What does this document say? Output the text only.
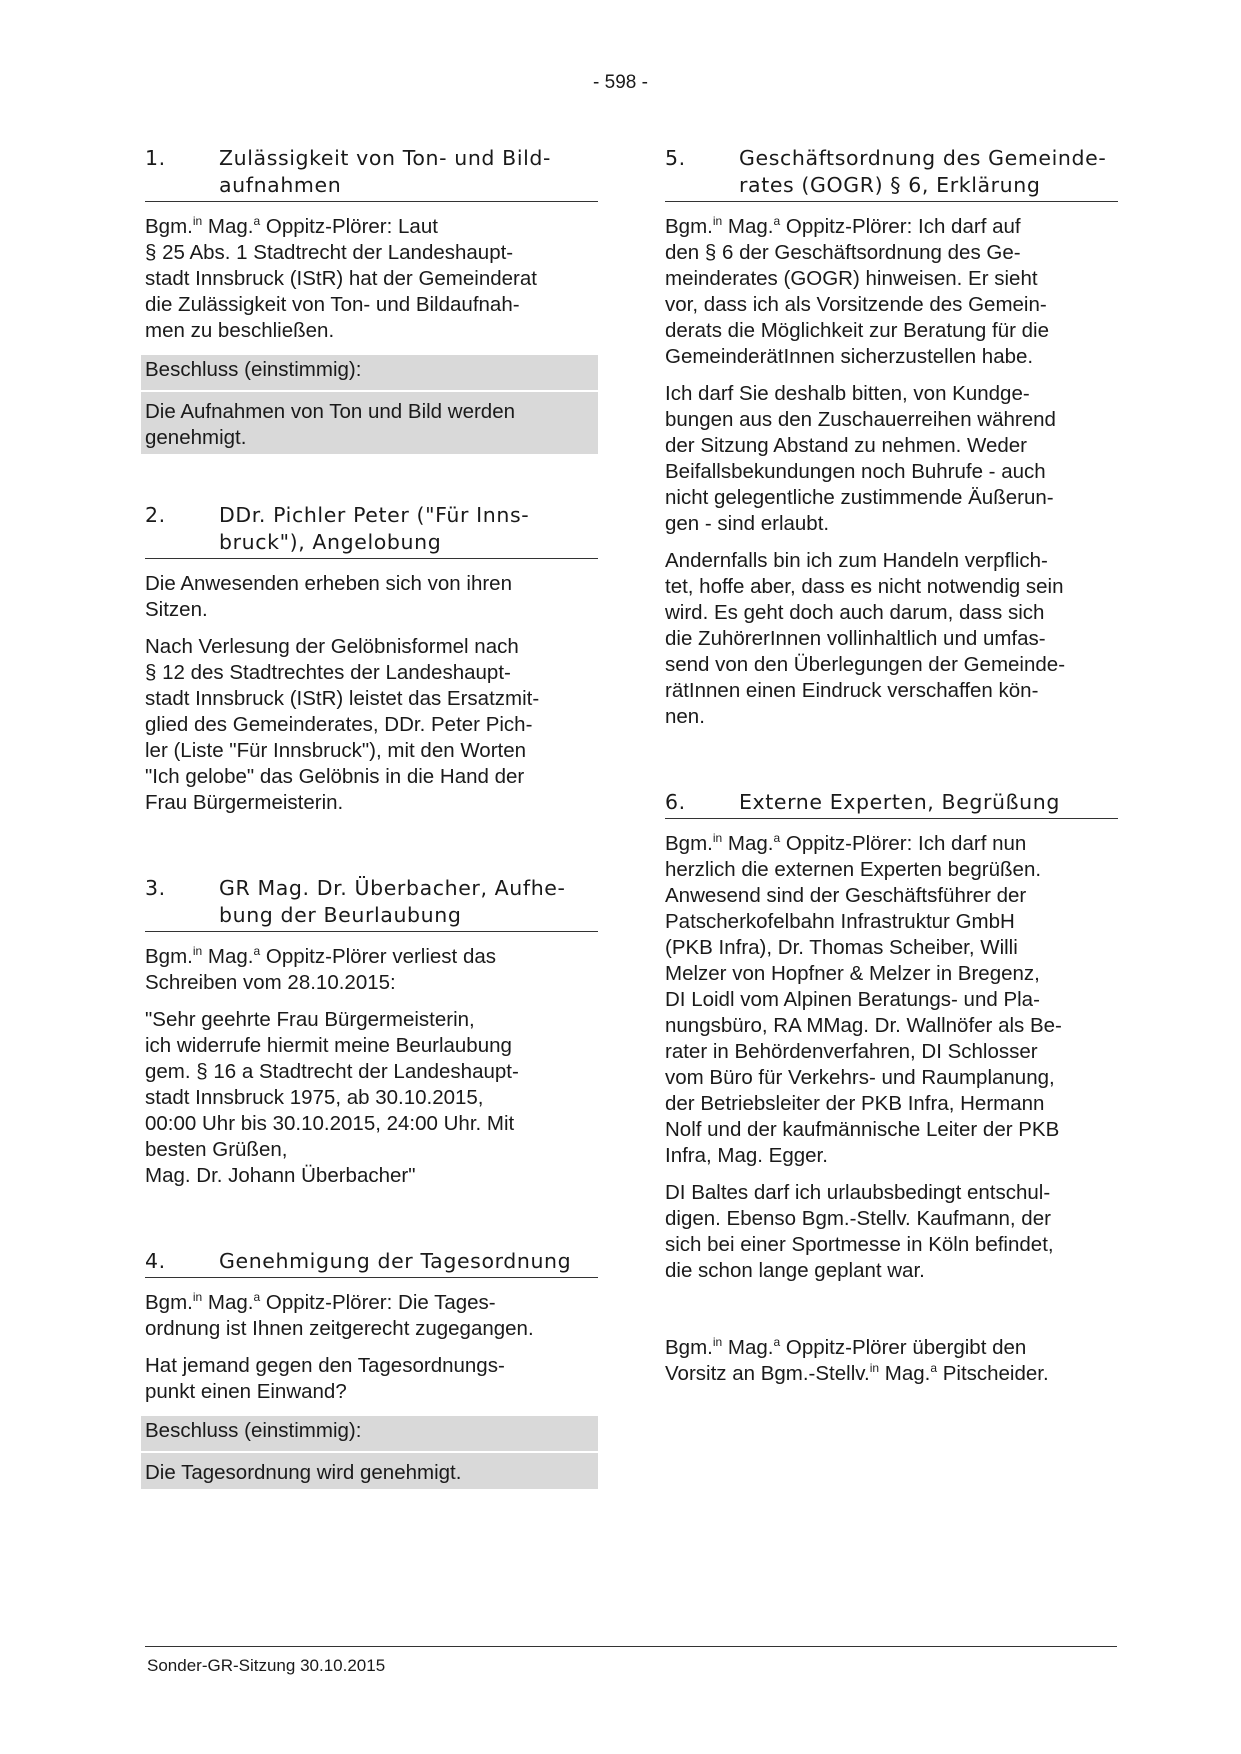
- 598 -
1.	Zulässigkeit von Ton- und Bild-
aufnahmen

Bgm.$^{in}$ Mag.$^a$ Oppitz-Plörer: Laut
§ 25 Abs. 1 Stadtrecht der Landeshaupt-
stadt Innsbruck (IStR) hat der Gemeinderat
die Zulässigkeit von Ton- und Bildaufnah-
men zu beschließen.

Beschluss (einstimmig):
Die Aufnahmen von Ton und Bild werden
genehmigt.
2.	DDr. Pichler Peter ("Für Inns-
bruck"), Angelobung

Die Anwesenden erheben sich von ihren
Sitzen.

Nach Verlesung der Gelöbnisformel nach
§ 12 des Stadtrechtes der Landeshaupt-
stadt Innsbruck (IStR) leistet das Ersatzmit-
glied des Gemeinderates, DDr. Peter Pich-
ler (Liste "Für Innsbruck"), mit den Worten
"Ich gelobe" das Gelöbnis in die Hand der
Frau Bürgermeisterin.

3.	GR Mag. Dr. Überbacher, Aufhe-
bung der Beurlaubung

Bgm.$^{in}$ Mag.$^a$ Oppitz-Plörer verliest das
Schreiben vom 28.10.2015:

"Sehr geehrte Frau Bürgermeisterin,
ich widerrufe hiermit meine Beurlaubung
gem. § 16 a Stadtrecht der Landeshaupt-
stadt Innsbruck 1975, ab 30.10.2015,
00:00 Uhr bis 30.10.2015, 24:00 Uhr. Mit
besten Grüßen,
Mag. Dr. Johann Überbacher"

4.	Genehmigung der Tagesordnung

Bgm.$^{in}$ Mag.$^a$ Oppitz-Plörer: Die Tages-
ordnung ist Ihnen zeitgerecht zugegangen.

Hat jemand gegen den Tagesordnungs-
punkt einen Einwand?

Beschluss (einstimmig):
Die Tagesordnung wird genehmigt.
5.	Geschäftsordnung des Gemeinde-
rates (GOGR) § 6, Erklärung

Bgm.$^{in}$ Mag.$^a$ Oppitz-Plörer: Ich darf auf
den § 6 der Geschäftsordnung des Ge-
meinderates (GOGR) hinweisen. Er sieht
vor, dass ich als Vorsitzende des Gemein-
derats die Möglichkeit zur Beratung für die
GemeinderätInnen sicherzustellen habe.

Ich darf Sie deshalb bitten, von Kundge-
bungen aus den Zuschauerreihen während
der Sitzung Abstand zu nehmen. Weder
Beifallsbekundungen noch Buhrufe - auch
nicht gelegentliche zustimmende Äußerun-
gen - sind erlaubt.

Andernfalls bin ich zum Handeln verpflich-
tet, hoffe aber, dass es nicht notwendig sein
wird. Es geht doch auch darum, dass sich
die ZuhörerInnen vollinhaltlich und umfas-
send von den Überlegungen der Gemeinde-
rätInnen einen Eindruck verschaffen kön-
nen.

6.	Externe Experten, Begrüßung

Bgm.$^{in}$ Mag.$^a$ Oppitz-Plörer: Ich darf nun
herzlich die externen Experten begrüßen.
Anwesend sind der Geschäftsführer der
Patscherkofelbahn Infrastruktur GmbH
(PKB Infra), Dr. Thomas Scheiber, Willi
Melzer von Hopfner & Melzer in Bregenz,
DI Loidl vom Alpinen Beratungs- und Pla-
nungsbüro, RA MMag. Dr. Wallnöfer als Be-
rater in Behördenverfahren, DI Schlosser
vom Büro für Verkehrs- und Raumplanung,
der Betriebsleiter der PKB Infra, Hermann
Nolf und der kaufmännische Leiter der PKB
Infra, Mag. Egger.

DI Baltes darf ich urlaubsbedingt entschul-
digen. Ebenso Bgm.-Stellv. Kaufmann, der
sich bei einer Sportmesse in Köln befindet,
die schon lange geplant war.

Bgm.$^{in}$ Mag.$^a$ Oppitz-Plörer übergibt den
Vorsitz an Bgm.-Stellv.$^{in}$ Mag.$^a$ Pitscheider.

Sonder-GR-Sitzung 30.10.2015
